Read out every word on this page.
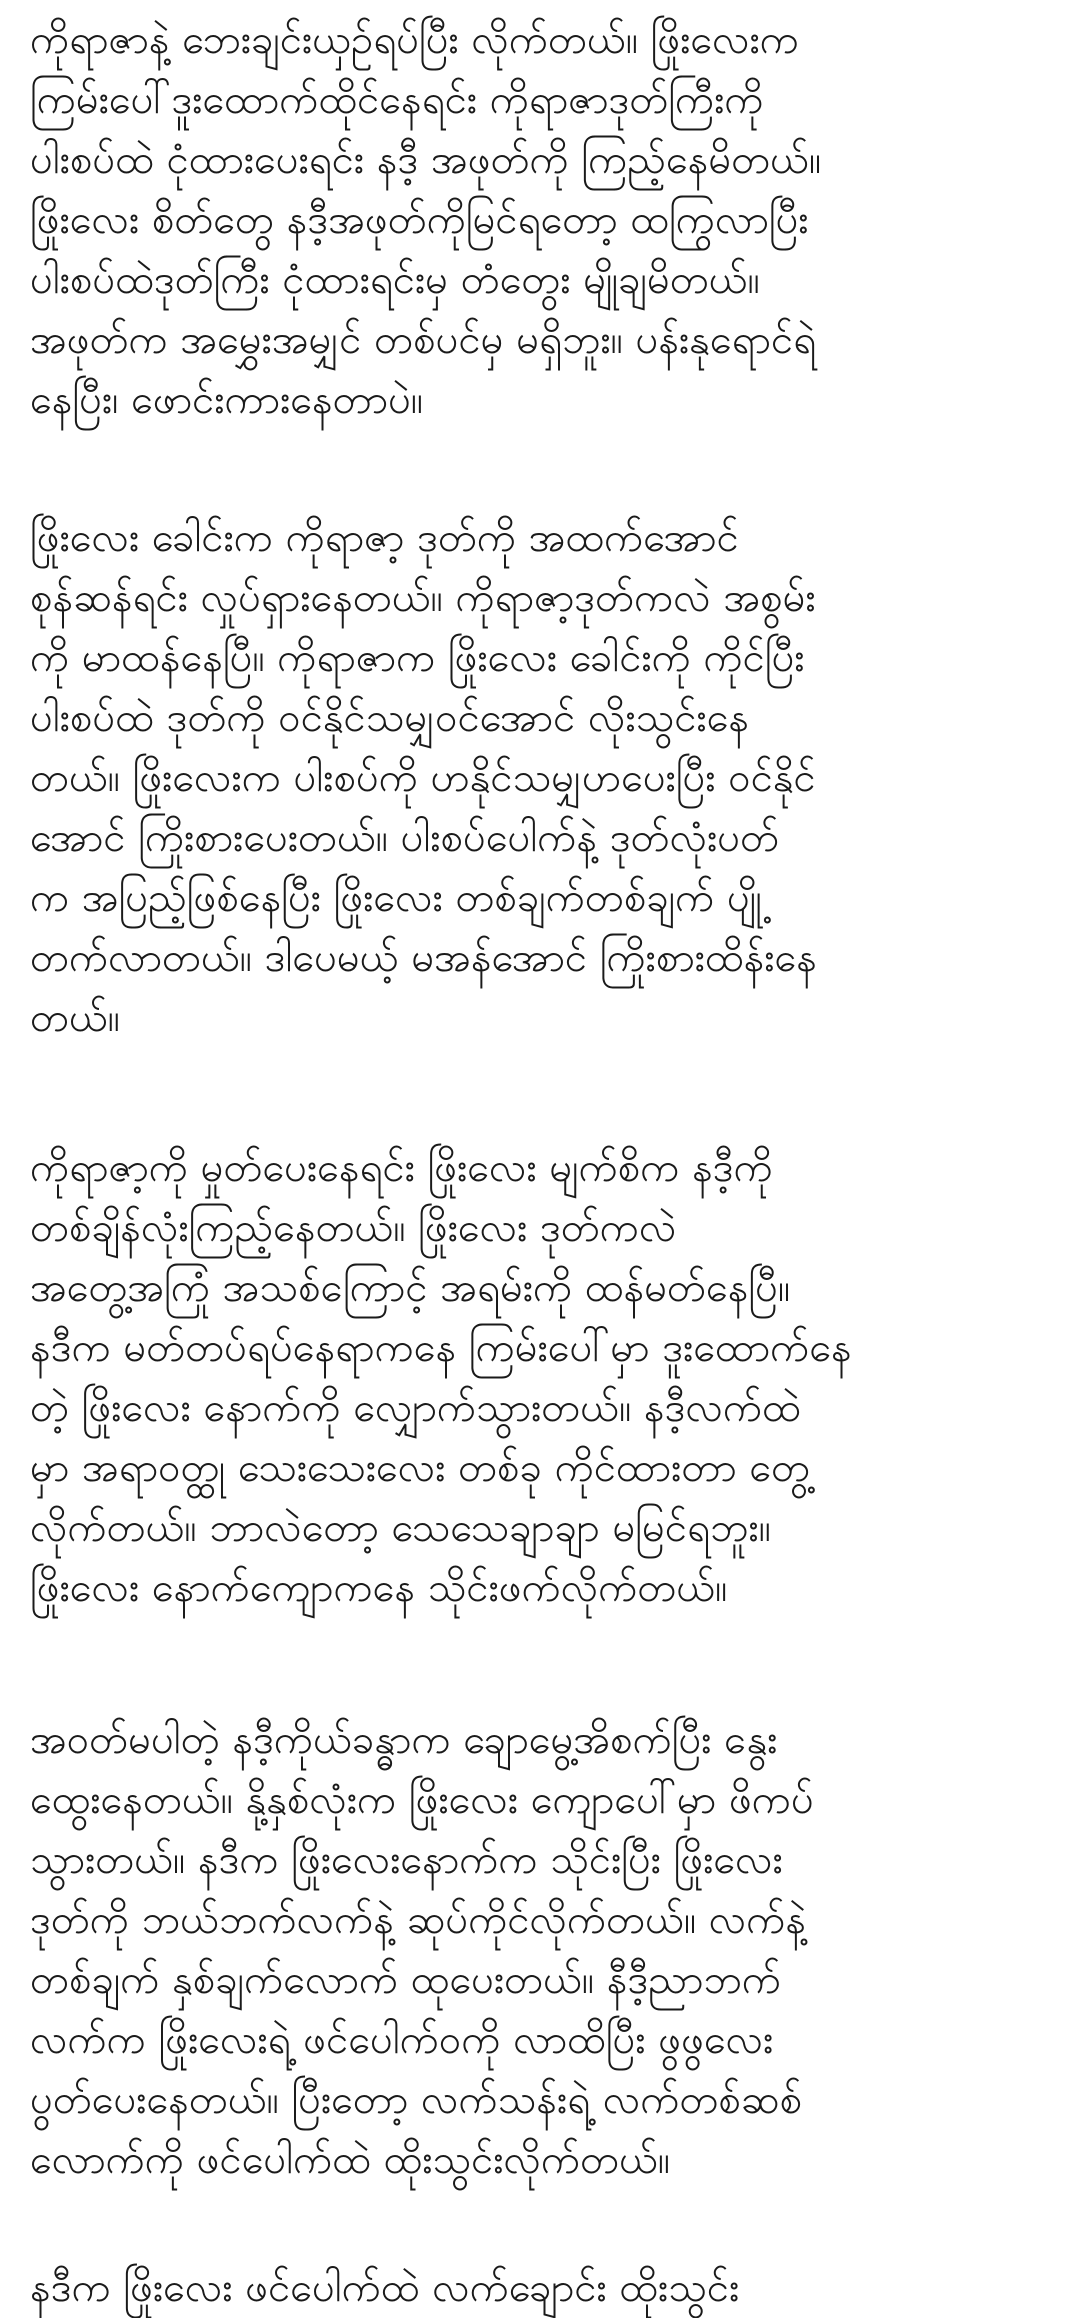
ကိုရာဇာနဲ့ ဘေးချင်းယှဉ်ရပ်ပြီး လိုက်တယ်။ ဖြိုးလေးက
ကြမ်းပေါ်ဒူးထောက်ထိုင်နေရင်း ကိုရာဇာဒုတ်ကြီးကို
ပါးစပ်ထဲ ငုံထားပေးရင်း နဒီ့ အဖုတ်ကို ကြည့်နေမိတယ်။
ဖြိုးလေး စိတ်တွေ နဒီ့အဖုတ်ကိုမြင်ရတော့ ထကြွလာပြီး
ပါးစပ်ထဲဒုတ်ကြီး ငုံထားရင်းမှ တံတွေး မျိုချမိတယ်။
အဖုတ်က အမွှေးအမျှင် တစ်ပင်မှ မရှိဘူး။ ပန်းနုရောင်ရဲ
နေပြီး၊ ဖောင်းကားနေတာပဲ။

ဖြိုးလေး ခေါင်းက ကိုရာဇာ့ ဒုတ်ကို အထက်အောင်
စုန်ဆန်ရင်း လှုပ်ရှားနေတယ်။ ကိုရာဇာ့ဒုတ်ကလဲ အစွမ်း
ကို မာထန်နေပြီ။ ကိုရာဇာက ဖြိုးလေး ခေါင်းကို ကိုင်ပြီး
ပါးစပ်ထဲ ဒုတ်ကို ဝင်နိုင်သမျှဝင်အောင် လိုးသွင်းနေ
တယ်။ ဖြိုးလေးက ပါးစပ်ကို ဟနိုင်သမျှဟပေးပြီး ဝင်နိုင်
အောင် ကြိုးစားပေးတယ်။ ပါးစပ်ပေါက်နဲ့ ဒုတ်လုံးပတ်
က အပြည့်ဖြစ်နေပြီး ဖြိုးလေး တစ်ချက်တစ်ချက် ပျို့
တက်လာတယ်။ ဒါပေမယ့် မအန်အောင် ကြိုးစားထိန်းနေ
တယ်။

ကိုရာဇာ့ကို မှုတ်ပေးနေရင်း ဖြိုးလေး မျက်စိက နဒီ့ကို
တစ်ချိန်လုံးကြည့်နေတယ်။ ဖြိုးလေး ဒုတ်ကလဲ
အတွေ့အကြုံ အသစ်ကြောင့် အရမ်းကို ထန်မတ်နေပြီ။
နဒီက မတ်တပ်ရပ်နေရာကနေ ကြမ်းပေါ်မှာ ဒူးထောက်နေ
တဲ့ ဖြိုးလေး နောက်ကို လျှောက်သွားတယ်။ နဒီ့လက်ထဲ
မှာ အရာဝတ္ထု သေးသေးလေး တစ်ခု ကိုင်ထားတာ တွေ့
လိုက်တယ်။ ဘာလဲတော့ သေသေချာချာ မမြင်ရဘူး။
ဖြိုးလေး နောက်ကျောကနေ သိုင်းဖက်လိုက်တယ်။

အဝတ်မပါတဲ့ နဒီ့ကိုယ်ခန္ဓာက ချောမွေ့အိစက်ပြီး နွေး
ထွေးနေတယ်။ နို့နှစ်လုံးက ဖြိုးလေး ကျောပေါ်မှာ ဖိကပ်
သွားတယ်။ နဒီက ဖြိုးလေးနောက်က သိုင်းပြီး ဖြိုးလေး
ဒုတ်ကို ဘယ်ဘက်လက်နဲ့ ဆုပ်ကိုင်လိုက်တယ်။ လက်နဲ့
တစ်ချက် နှစ်ချက်လောက် ထုပေးတယ်။ နီဒီ့ညာဘက်
လက်က ဖြိုးလေးရဲ့ ဖင်ပေါက်ဝကို လာထိပြီး ဖွဖွလေး
ပွတ်ပေးနေတယ်။ ပြီးတော့ လက်သန်းရဲ့ လက်တစ်ဆစ်
လောက်ကို ဖင်ပေါက်ထဲ ထိုးသွင်းလိုက်တယ်။

နဒီက ဖြိုးလေး ဖင်ပေါက်ထဲ လက်ချောင်း ထိုးသွင်း
